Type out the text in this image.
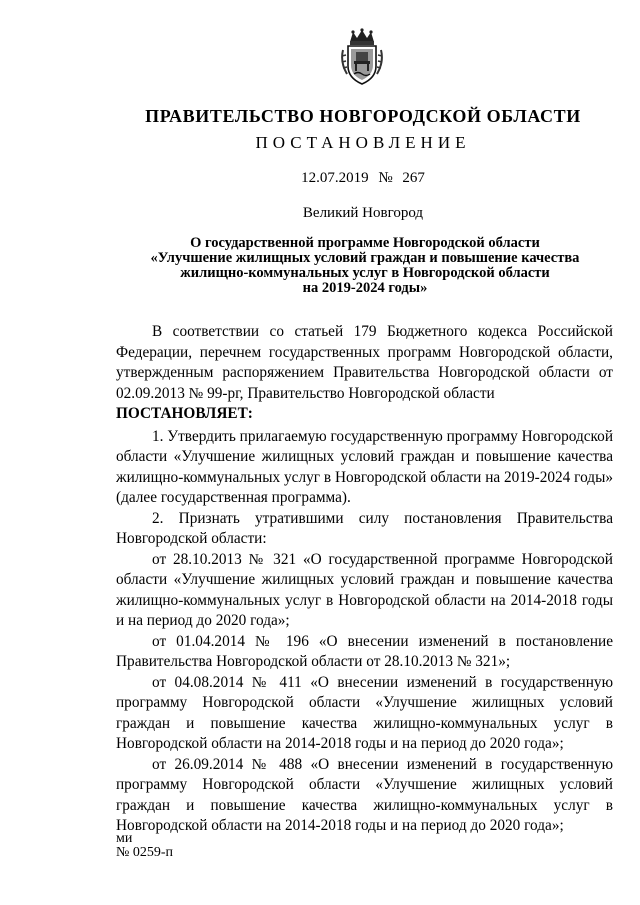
ПРАВИТЕЛЬСТВО НОВГОРОДСКОЙ ОБЛАСТИ
ПОСТАНОВЛЕНИЕ
12.07.2019 № 267
Великий Новгород
О государственной программе Новгородской области
«Улучшение жилищных условий граждан и повышение качества
жилищно-коммунальных услуг в Новгородской области
на 2019-2024 годы»

В соответствии со статьей 179 Бюджетного кодекса Российской Федерации, перечнем государственных программ Новгородской области, утвержденным распоряжением Правительства Новгородской области от 02.09.2013 № 99-рг, Правительство Новгородской области

ПОСТАНОВЛЯЕТ:

1. Утвердить прилагаемую государственную программу Новгородской области «Улучшение жилищных условий граждан и повышение качества жилищно-коммунальных услуг в Новгородской области на 2019-2024 годы» (далее государственная программа).

2. Признать утратившими силу постановления Правительства Новгородской области:

от 28.10.2013 № 321 «О государственной программе Новгородской области «Улучшение жилищных условий граждан и повышение качества жилищно-коммунальных услуг в Новгородской области на 2014-2018 годы и на период до 2020 года»;

от 01.04.2014 № 196 «О внесении изменений в постановление Правительства Новгородской области от 28.10.2013 № 321»;

от 04.08.2014 № 411 «О внесении изменений в государственную программу Новгородской области «Улучшение жилищных условий граждан и повышение качества жилищно-коммунальных услуг в Новгородской области на 2014-2018 годы и на период до 2020 года»;

от 26.09.2014 № 488 «О внесении изменений в государственную программу Новгородской области «Улучшение жилищных условий граждан и повышение качества жилищно-коммунальных услуг в Новгородской области на 2014-2018 годы и на период до 2020 года»;

ми
№ 0259-п
